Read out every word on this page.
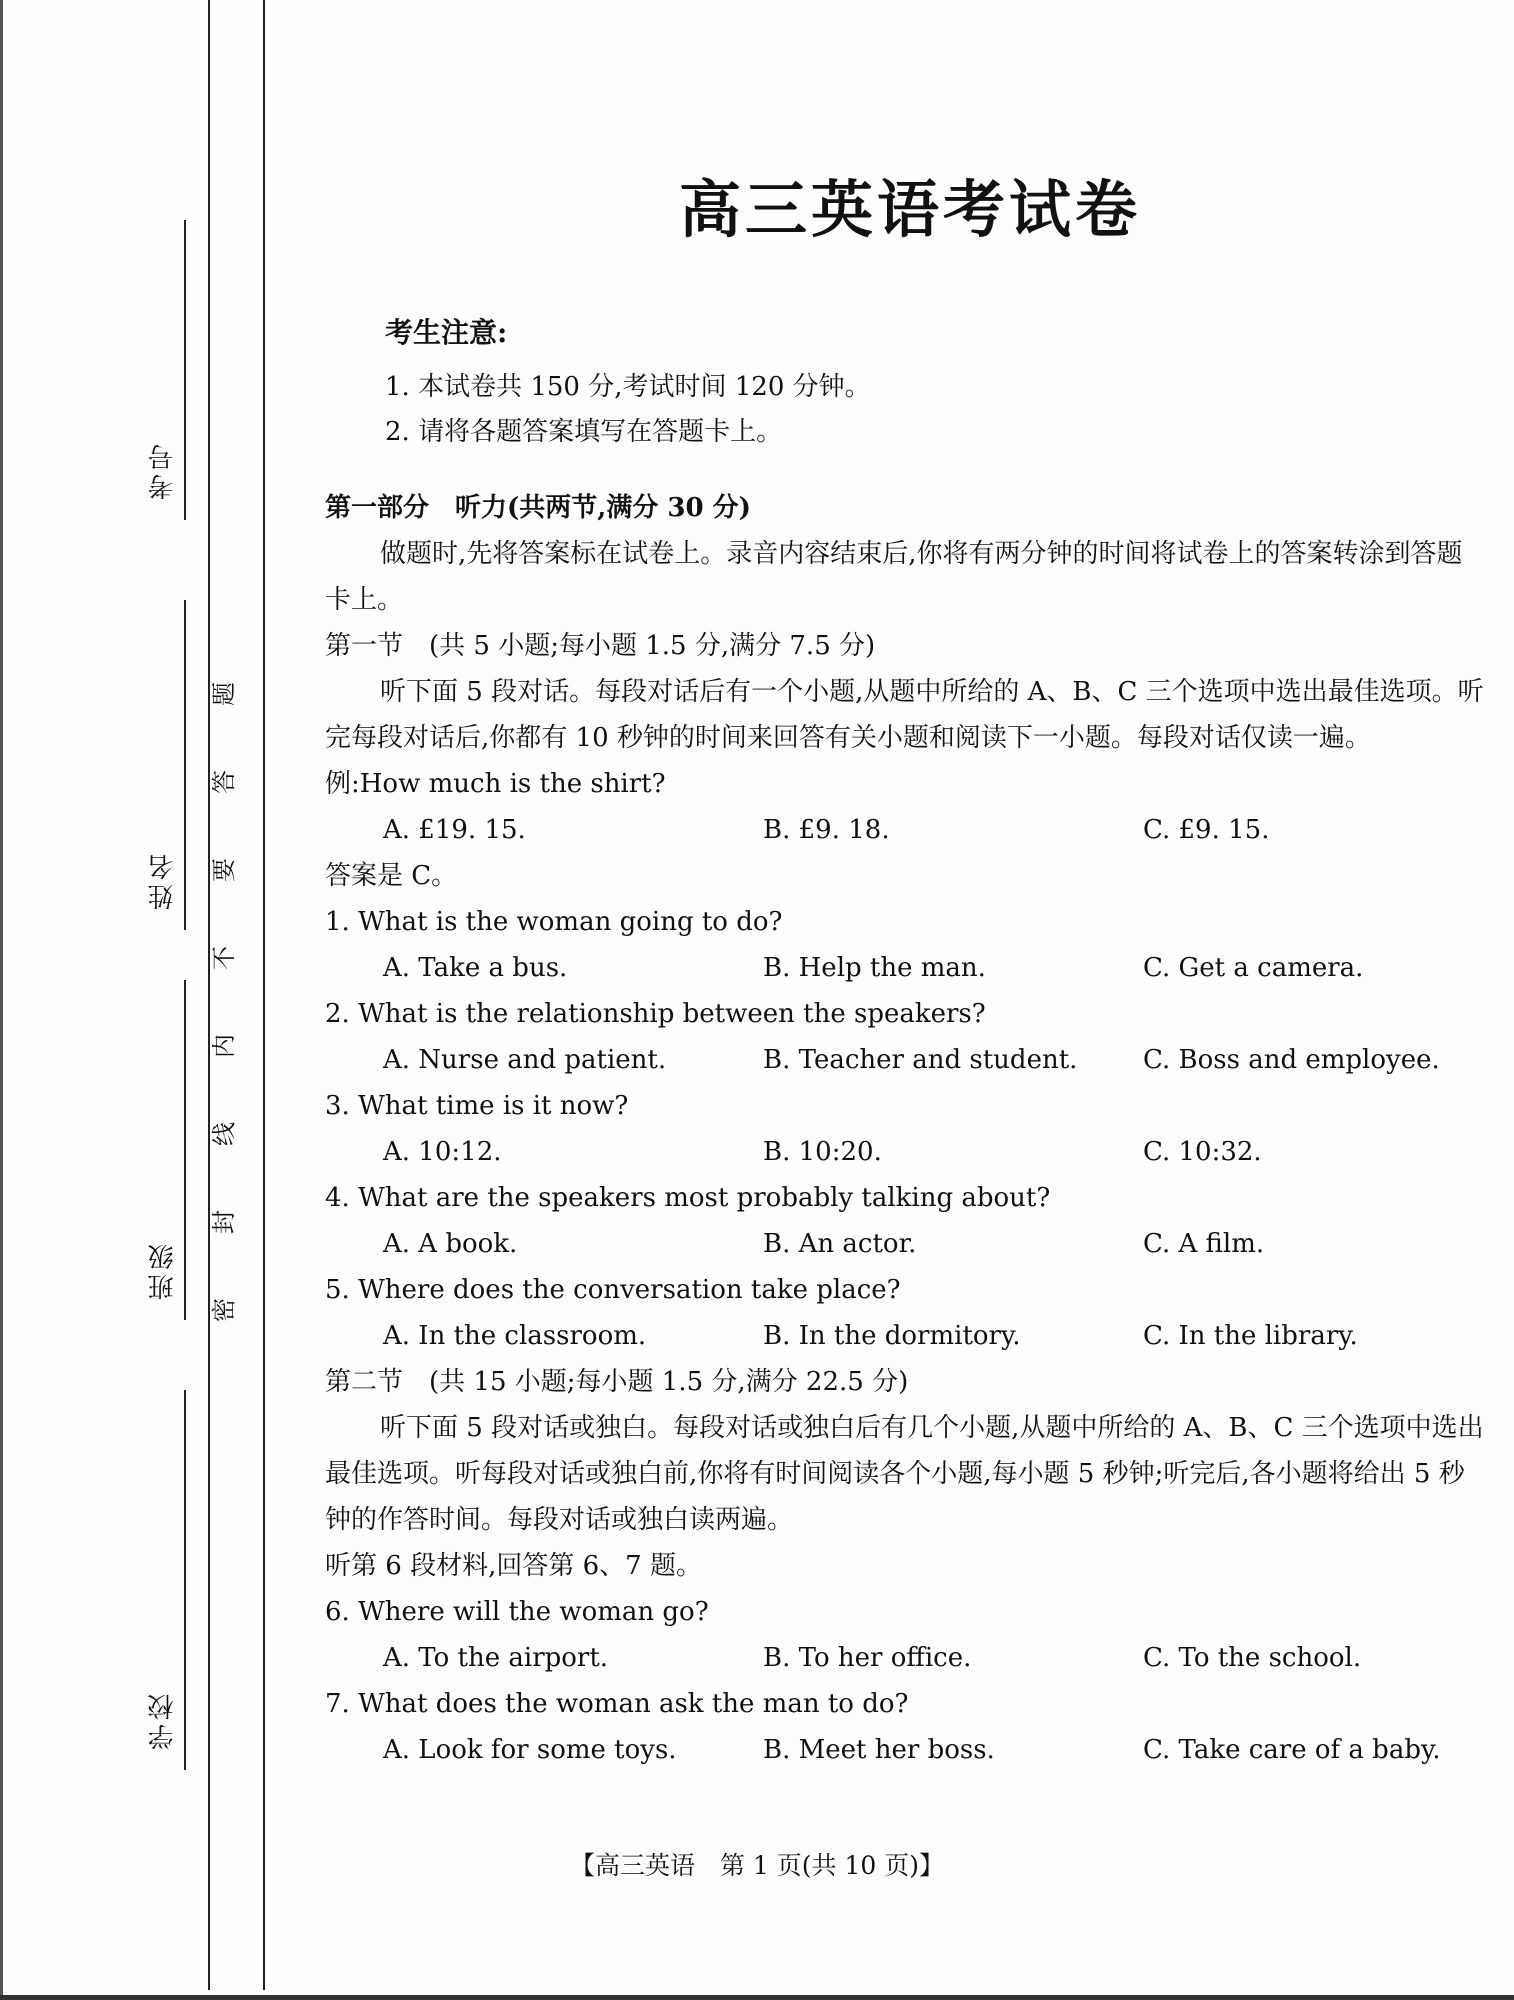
考号
姓名
班级
学校
题
答
要
不
内
线
封
密
高三英语考试卷
考生注意:
1. 本试卷共 150 分,考试时间 120 分钟。
2. 请将各题答案填写在答题卡上。
第一部分　听力(共两节,满分 30 分)
做题时,先将答案标在试卷上。录音内容结束后,你将有两分钟的时间将试卷上的答案转涂到答题卡上。
第一节　(共 5 小题;每小题 1.5 分,满分 7.5 分)
听下面 5 段对话。每段对话后有一个小题,从题中所给的 A、B、C 三个选项中选出最佳选项。听完每段对话后,你都有 10 秒钟的时间来回答有关小题和阅读下一小题。每段对话仅读一遍。
例:How much is the shirt?
A. £19. 15.	B. £9. 18.	C. £9. 15.
答案是 C。
1. What is the woman going to do?
A. Take a bus.	B. Help the man.	C. Get a camera.
2. What is the relationship between the speakers?
A. Nurse and patient.	B. Teacher and student.	C. Boss and employee.
3. What time is it now?
A. 10:12.	B. 10:20.	C. 10:32.
4. What are the speakers most probably talking about?
A. A book.	B. An actor.	C. A film.
5. Where does the conversation take place?
A. In the classroom.	B. In the dormitory.	C. In the library.
第二节　(共 15 小题;每小题 1.5 分,满分 22.5 分)
听下面 5 段对话或独白。每段对话或独白后有几个小题,从题中所给的 A、B、C 三个选项中选出最佳选项。听每段对话或独白前,你将有时间阅读各个小题,每小题 5 秒钟;听完后,各小题将给出 5 秒钟的作答时间。每段对话或独白读两遍。
听第 6 段材料,回答第 6、7 题。
6. Where will the woman go?
A. To the airport.	B. To her office.	C. To the school.
7. What does the woman ask the man to do?
A. Look for some toys.	B. Meet her boss.	C. Take care of a baby.
【高三英语　第 1 页(共 10 页)】
